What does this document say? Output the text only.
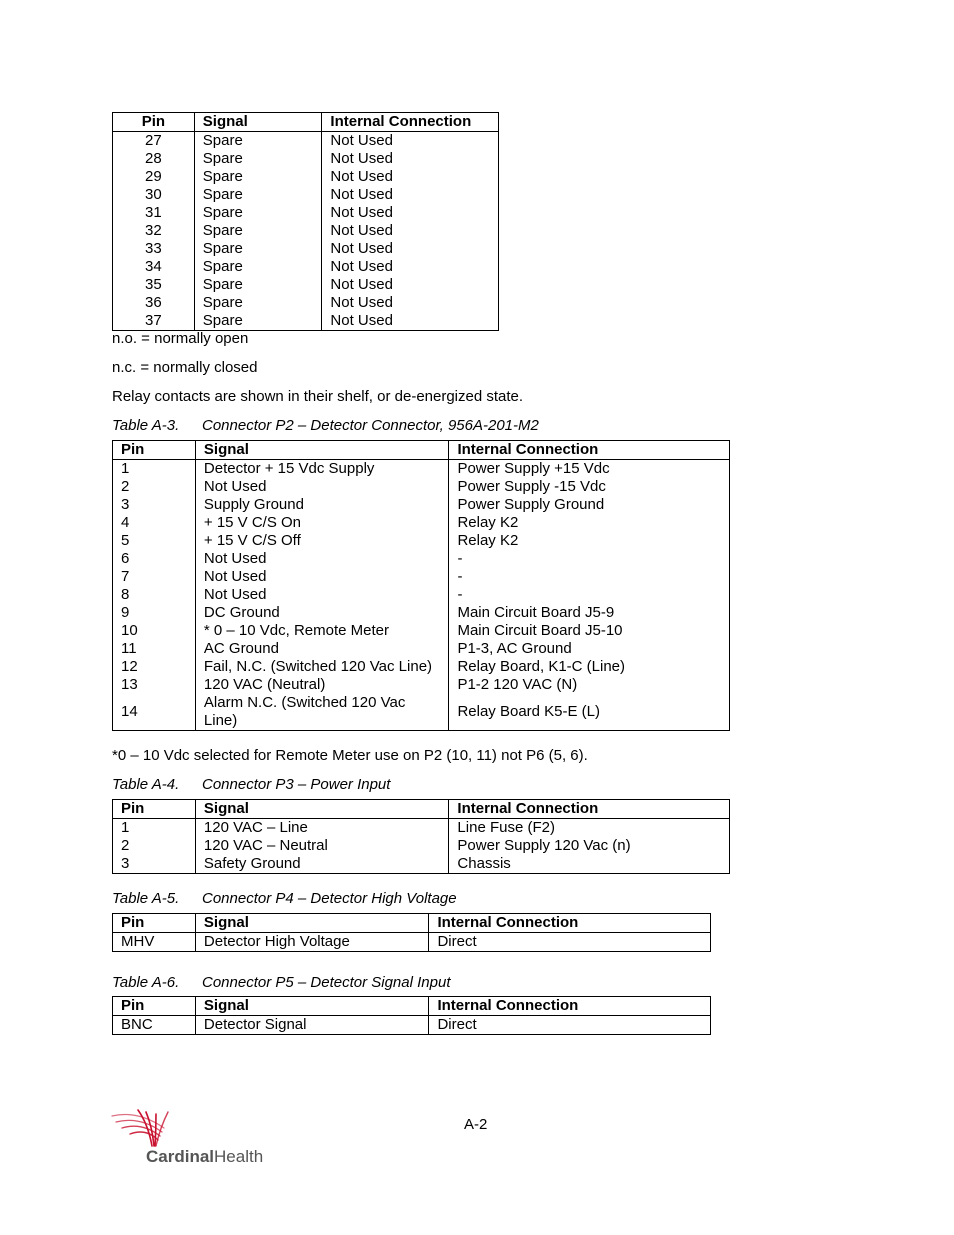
Pin	Signal	Internal Connection
27	Spare	Not Used
28	Spare	Not Used
29	Spare	Not Used
30	Spare	Not Used
31	Spare	Not Used
32	Spare	Not Used
33	Spare	Not Used
34	Spare	Not Used
35	Spare	Not Used
36	Spare	Not Used
37	Spare	Not Used

n.o. = normally open

n.c. = normally closed

Relay contacts are shown in their shelf, or de-energized state.

Table A-3. Connector P2 – Detector Connector, 956A-201-M2

Pin	Signal	Internal Connection
1	Detector + 15 Vdc Supply	Power Supply +15 Vdc
2	Not Used	Power Supply -15 Vdc
3	Supply Ground	Power Supply Ground
4	+ 15 V C/S On	Relay K2
5	+ 15 V C/S Off	Relay K2
6	Not Used	-
7	Not Used	-
8	Not Used	-
9	DC Ground	Main Circuit Board J5-9
10	* 0 – 10 Vdc, Remote Meter	Main Circuit Board J5-10
11	AC Ground	P1-3, AC Ground
12	Fail, N.C. (Switched 120 Vac Line)	Relay Board, K1-C (Line)
13	120 VAC (Neutral)	P1-2 120 VAC (N)
14	Alarm N.C. (Switched 120 Vac Line)	Relay Board K5-E (L)

*0 – 10 Vdc selected for Remote Meter use on P2 (10, 11) not P6 (5, 6).

Table A-4. Connector P3 – Power Input

Pin	Signal	Internal Connection
1	120 VAC – Line	Line Fuse (F2)
2	120 VAC – Neutral	Power Supply 120 Vac (n)
3	Safety Ground	Chassis

Table A-5. Connector P4 – Detector High Voltage

Pin	Signal	Internal Connection
MHV	Detector High Voltage	Direct

Table A-6. Connector P5 – Detector Signal Input

Pin	Signal	Internal Connection
BNC	Detector Signal	Direct
A-2
CardinalHealth
